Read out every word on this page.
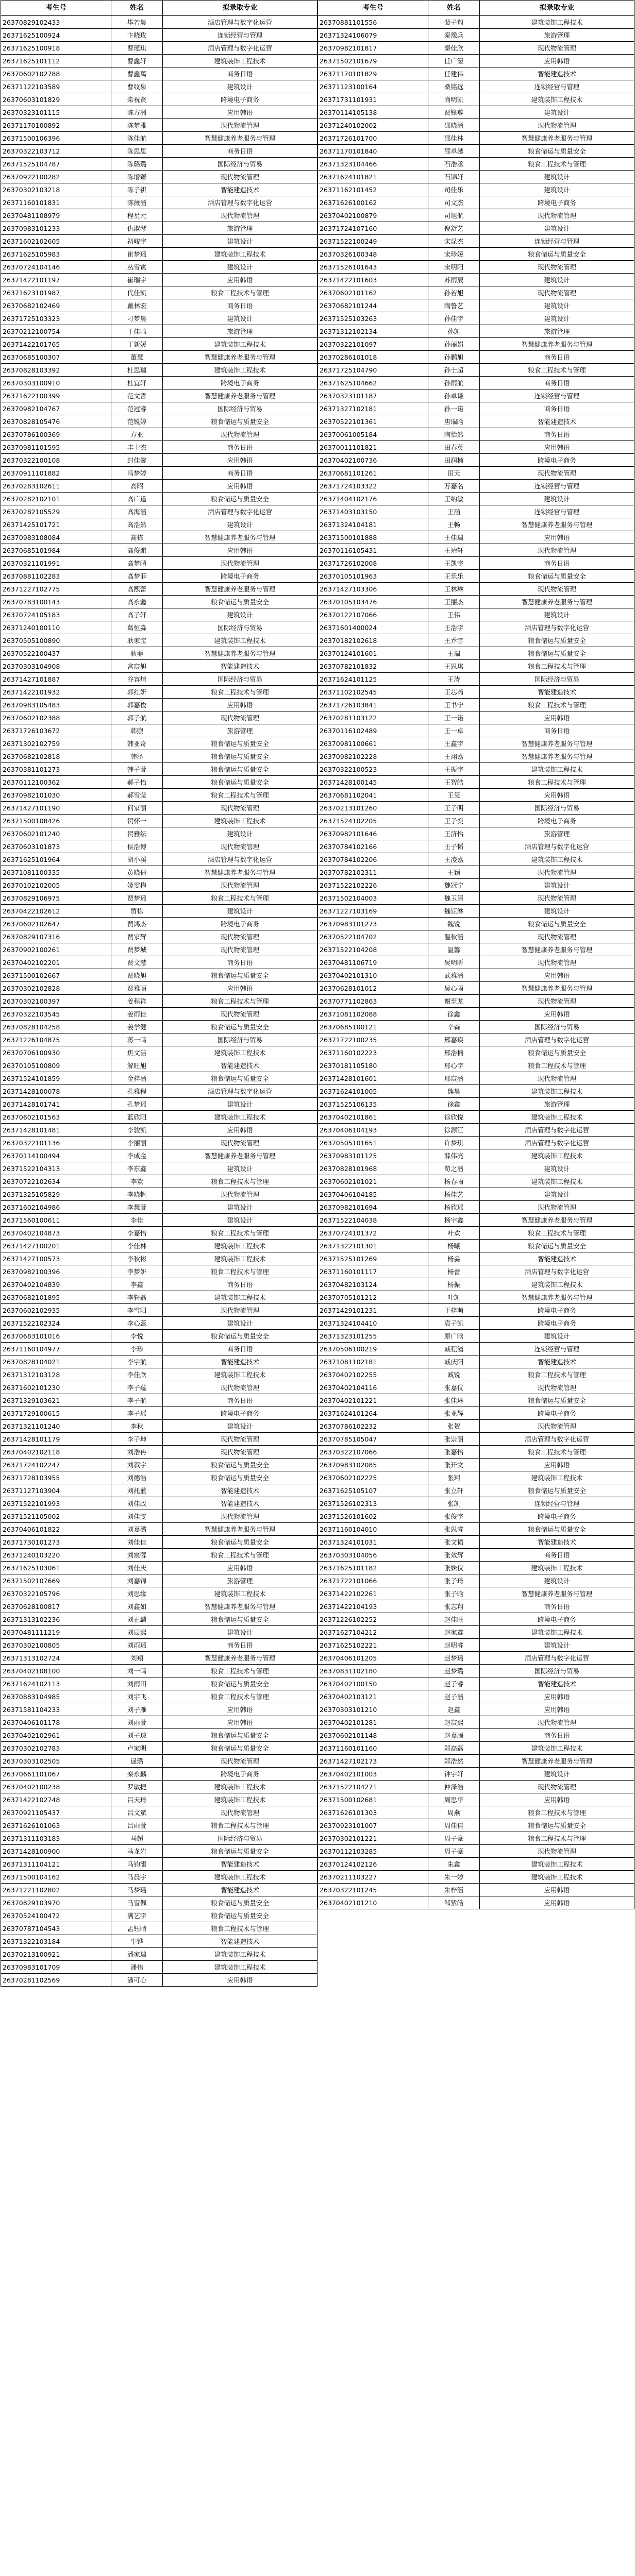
考生号	姓名	拟录取专业
26370829102433	毕若晨	酒店管理与数字化运营
26371625100924	卞晓玫	连锁经营与管理
26371625100918	曹瑾琪	酒店管理与数字化运营
26371625101112	曹鑫轩	建筑装饰工程技术
26370602102788	曹鑫萬	商务日语
26371122103589	曹纹泉	建筑设计
26370603101829	柴祝贤	跨境电子商务
26370323101115	陈方洲	应用韩语
26371170100892	陈梦雅	现代物流管理
26371500106396	陈佳航	智慧健康养老服务与管理
26370322103712	陈思思	商务日语
26371525104787	陈璐璐	国际经济与贸易
26370922100282	陈增臻	现代物流管理
26370302103218	陈子祺	智能建造技术
26371160101831	陈薇涵	酒店管理与数字化运营
26370481108979	程星元	现代物流管理
26370983101233	仇淑琴	旅游管理
26371602102605	初峻宇	建筑设计
26371625105983	崔梦瑶	建筑装饰工程技术
26370724104146	丛雪寅	建筑设计
26371422101197	崔瑞宇	应用韩语
26371623101987	代佳凯	粮食工程技术与管理
26370682102469	戴林宏	商务日语
26371725103323	刁梦晨	建筑设计
26370212100754	丁佳鸣	旅游管理
26371422101765	丁新媛	建筑装饰工程技术
26370685100307	董慧	智慧健康养老服务与管理
26370828103392	杜思瑞	建筑装饰工程技术
26370303100910	杜宜轩	跨境电子商务
26371622100399	范文哲	智慧健康养老服务与管理
26370982104767	范冠睿	国际经济与贸易
26370828105476	范锐婷	粮食储运与质量安全
26370786100369	方亚	现代物流管理
26370981101595	丰士杰	商务日语
26370322100108	封佳馨	应用韩语
26370911101882	冯梦婷	商务日语
26370283102611	高昭	应用韩语
26370282102101	高广道	粮食储运与质量安全
26370282105529	高海涵	酒店管理与数字化运营
26371425101721	高浩然	建筑设计
26370983108084	高栋	智慧健康养老服务与管理
26370685101984	高俊鹏	应用韩语
26370321101991	高梦晴	现代物流管理
26370881102283	高梦菲	跨境电子商务
26371227102775	高熙蕾	智慧健康养老服务与管理
26370783100143	高永鑫	粮食储运与质量安全
26370724105183	高子轩	建筑设计
26371240100110	葛恒淼	国际经济与贸易
26370505100890	耿家宝	建筑装饰工程技术
26370522100437	耿菲	智慧健康养老服务与管理
26370303104908	宫宸旭	智能建造技术
26371427101887	谷容煊	国际经济与贸易
26371422101932	郭红妍	粮食工程技术与管理
26370983105483	郭嘉俊	应用韩语
26370602102388	郭子航	现代物流管理
26371726103672	韩煦	旅游管理
26371302102759	韩亚奇	粮食储运与质量安全
26370682102818	韩泽	粮食储运与质量安全
26370381101273	韩子萱	粮食储运与质量安全
26370112100362	郝子怡	粮食储运与质量安全
26370982101030	郝雪莹	粮食工程技术与管理
26371427101190	何家丽	现代物流管理
26371500108426	贺怀一	建筑装饰工程技术
26370602101240	贺雅纭	建筑设计
26370603101873	侯浩博	现代物流管理
26371625101964	胡小溪	酒店管理与数字化运营
26371081100335	黄晓倩	智慧健康养老服务与管理
26370102102005	姬雯梅	现代物流管理
26370829106975	贾梦瑶	粮食工程技术与管理
26370422102612	贾栋	建筑设计
26370602102647	贾鸿杰	跨境电子商务
26370829107316	贾家辉	现代物流管理
26370902100261	贾梦城	现代物流管理
26370402102201	贾文慧	商务日语
26371500102667	贾晓旭	粮食储运与质量安全
26370302102828	贾雅丽	应用韩语
26370302100397	姜程祥	粮食工程技术与管理
26370322103545	姜雨佳	现代物流管理
26370828104258	姜学健	粮食储运与质量安全
26371226104875	蒋一鸣	国际经济与贸易
26370706100930	焦文洁	建筑装饰工程技术
26370105100809	解旺旭	智能建造技术
26371524101859	金梓涵	粮食储运与质量安全
26371428100078	孔雅程	酒店管理与数字化运营
26371428101741	孔梦瑶	建筑设计
26370602101563	蓝欣阳	建筑装饰工程技术
26371428101481	李骏凯	应用韩语
26370322101136	李丽丽	现代物流管理
26370114100494	李成金	智慧健康养老服务与管理
26371522104313	李东鑫	建筑设计
26370722102634	李欢	粮食工程技术与管理
26371325105829	李晓帆	现代物流管理
26371602104986	李慧萱	建筑设计
26371560100611	李佳	建筑设计
26370402104873	李嘉怡	粮食工程技术与管理
26371427100201	李佳林	建筑装饰工程技术
26371427100573	李秋彬	建筑装饰工程技术
26370982100396	李梦妍	粮食工程技术与管理
26370402104839	李鑫	商务日语
26370682101895	李轩磊	建筑装饰工程技术
26370602102935	李雪阳	现代物流管理
26371522102324	李心蕊	建筑设计
26370683101016	李悦	粮食储运与质量安全
26371160104977	李珍	商务日语
26370828104021	李宇航	智能建造技术
26371312103128	李佳欣	建筑装饰工程技术
26371602101230	李子蕴	现代物流管理
26371329103621	李子航	商务日语
26371729100615	李子瑶	跨境电子商务
26371321101240	李秋	建筑设计
26371428101179	李子坤	现代物流管理
26370402102118	刘浩冉	现代物流管理
26371724102247	刘叙宇	粮食储运与质量安全
26371728103955	刘德浩	粮食储运与质量安全
26371127103904	刘托蓝	智能建造技术
26371522101993	刘佳政	智能建造技术
26371521105002	刘佳雯	现代物流管理
26370406101822	刘嘉潞	智慧健康养老服务与管理
26371730101273	刘佳佳	粮食储运与质量安全
26371240103220	刘宸蓉	粮食工程技术与管理
26371625103061	刘佳庆	应用韩语
26371502107669	刘嘉锦	旅游管理
26370322105796	刘思缘	建筑装饰工程技术
26370628100817	刘鑫如	智慧健康养老服务与管理
26371313102236	刘正麟	粮食储运与质量安全
26370481111219	刘辰熙	建筑设计
26370302100805	刘雨瑶	商务日语
26371313102724	刘翔	智慧健康养老服务与管理
26370402108100	刘一鸣	粮食工程技术与管理
26371624102113	刘雨田	粮食储运与质量安全
26370883104985	刘宇飞	粮食工程技术与管理
26371581104233	刘子雁	应用韩语
26370406101178	刘雨萱	应用韩语
26370402102961	刘子琼	粮食储运与质量安全
26370302102783	卢家明	粮食储运与质量安全
26370303102505	逯璐	现代物流管理
26370661101067	栾永麟	跨境电子商务
26370402100238	罗敏捷	建筑装饰工程技术
26371422102748	吕天琦	建筑装饰工程技术
26370921105437	吕文斌	现代物流管理
26371626101063	吕雨萱	粮食工程技术与管理
26371311103183	马超	国际经济与贸易
26371428100900	马龙岩	粮食储运与质量安全
26371311104121	马钧灏	智能建造技术
26371500104162	马晨宇	建筑装饰工程技术
26371221102802	马梦瑶	智能建造技术
26370829103970	马雪佩	粮食储运与质量安全
26370524100472	满艺宇	粮食储运与质量安全
26370787104543	孟钰晴	粮食工程技术与管理
26371322103184	牛铧	智能建造技术
26370213100921	潘家瑞	建筑装饰工程技术
26370983101709	潘伟	建筑装饰工程技术
26370281102569	潘可心	应用韩语
考生号	姓名	拟录取专业
26370881101556	裴子翔	建筑装饰工程技术
26371324106079	秦豫兵	旅游管理
26370982101817	秦佳欣	现代物流管理
26371502101679	任广濠	应用韩语
26371170101829	任建伟	智能建造技术
26371123100164	桑铭远	连锁经营与管理
26371731101931	尚明凯	建筑装饰工程技术
26370114105138	贾锋尊	建筑设计
26371240102002	邵晓涵	现代物流管理
26371726101700	邵佳林	智慧健康养老服务与管理
26371170101840	邵卓越	粮食储运与质量安全
26371323104466	石浩丞	粮食工程技术与管理
26371624101821	石锦轩	建筑设计
26371162101452	司佳乐	建筑设计
26371626100162	司文杰	跨境电子商务
26370402100879	司旭航	现代物流管理
26371724107160	倪舒艺	建筑设计
26371522100249	宋昆杰	连锁经营与管理
26370326100348	宋珍媛	粮食储运与质量安全
26371526101643	宋明阳	现代物流管理
26371422101603	苏雨辰	建筑设计
26370602101162	孙若旭	现代物流管理
26370682101244	陶鲁艺	建筑设计
26371525103263	孙佳宇	建筑设计
26371312102134	孙凯	旅游管理
26370322101097	孙丽娟	智慧健康养老服务与管理
26370286101018	孙鹏旭	商务日语
26371725104790	孙士超	粮食工程技术与管理
26371625104662	孙雨航	商务日语
26370323101187	孙卓谦	连锁经营与管理
26371327102181	孙一诺	商务日语
26370522101361	唐瑞晗	智能建造技术
26370061005184	陶怡然	商务日语
26370011101821	田春英	应用韩语
26370402100736	田润楠	跨境电子商务
26370681101261	田天	现代物流管理
26371724103322	万嘉名	连锁经营与管理
26371404102176	王纳敏	建筑设计
26371403103150	王涵	连锁经营与管理
26371324104181	王畅	智慧健康养老服务与管理
26371500101888	王佳瑞	应用韩语
26370116105431	王靖轩	现代物流管理
26371726102008	王凯宇	商务日语
26370105101963	王乐乐	粮食储运与质量安全
26371427103306	王林琳	现代物流管理
26370105103476	王丽杰	智慧健康养老服务与管理
26370122107066	王伟	建筑设计
26371601400024	王浩宇	酒店管理与数字化运营
26370182102618	王乔雪	粮食储运与质量安全
26370124101601	王瑞	粮食储运与质量安全
26370782101832	王思琪	粮食工程技术与管理
26371624101125	王涛	国际经济与贸易
26371102102545	王芯芮	智能建造技术
26371726103841	王书宁	粮食工程技术与管理
26370281103122	王一诺	应用韩语
26370116102489	王一卓	商务日语
26370981100661	王鑫宇	智慧健康养老服务与管理
26370982102228	王翊嘉	智慧健康养老服务与管理
26370322100523	王振宇	建筑装饰工程技术
26371428100145	王智皓	粮食工程技术与管理
26370681102041	王玺	应用韩语
26370213101260	王子明	国际经济与贸易
26371524102205	王子奕	跨境电子商务
26370982101646	王济怡	旅游管理
26370784102166	王子韬	酒店管理与数字化运营
26370784102206	王凌嘉	建筑装饰工程技术
26370782102311	王颖	现代物流管理
26371522102226	魏冠宁	建筑设计
26371502104003	魏玉清	现代物流管理
26371227103169	魏钰淋	建筑设计
26370983101273	魏锐	粮食储运与质量安全
26370522104702	温秋涵	现代物流管理
26371522104208	温馨	智慧健康养老服务与管理
26370481106719	吴明昕	现代物流管理
26370402101310	武雅涵	应用韩语
26370628101012	吴心雨	智慧健康养老服务与管理
26370771102863	谢至龙	现代物流管理
26371081102088	徐鑫	应用韩语
26370685100121	辛森	国际经济与贸易
26371722100235	邢嘉瑛	酒店管理与数字化运营
26371160102223	邢浩楠	粮食储运与质量安全
26370181105180	邢心宇	粮食工程技术与管理
26371428101601	邢宸涵	现代物流管理
26371624101005	熊昊	建筑装饰工程技术
26371525106135	徐鑫	旅游管理
26370402101861	徐欣悦	建筑装饰工程技术
26370406104193	徐源江	酒店管理与数字化运营
26370505101651	许梦琪	酒店管理与数字化运营
26370983101125	薛伟亮	建筑装饰工程技术
26370828101968	荀之涵	建筑设计
26370602101021	杨春雨	建筑装饰工程技术
26370406104185	杨佳艺	建筑设计
26370982101694	杨欣瑶	现代物流管理
26371522104038	杨宇鑫	智慧健康养老服务与管理
26370724101372	叶欢	粮食工程技术与管理
26371322101301	杨曦	粮食储运与质量安全
26371525101269	杨淼	智能建造技术
26371160101117	杨蕾	酒店管理与数字化运营
26370482103124	杨振	建筑装饰工程技术
26370705101212	叶凯	智慧健康养老服务与管理
26371429101231	于梓萌	跨境电子商务
26371324104410	袁子凯	跨境电子商务
26371323101255	原广晗	建筑设计
26370506100219	臧程潼	连锁经营与管理
26371081102181	臧庆阳	智能建造技术
26370402102255	臧锐	粮食工程技术与管理
26370402104116	张嘉仪	现代物流管理
26370402101221	张佳琳	粮食储运与质量安全
26371624101264	张亚辉	跨境电子商务
26370786102232	张贺	现代物流管理
26370785105047	张崇丽	酒店管理与数字化运营
26370322107066	张嘉怡	粮食工程技术与管理
26370983102085	张开文	应用韩语
26370602102225	张珂	建筑装饰工程技术
26371625105107	张立轩	粮食储运与质量安全
26371526102313	张凯	连锁经营与管理
26371526101602	张俊宇	跨境电子商务
26371160104010	张思睿	粮食储运与质量安全
26371324101031	张文韬	智能建造技术
26370303104056	张效辉	商务日语
26371625101182	张姝仪	建筑装饰工程技术
26371722101066	张子琦	建筑设计
26371422102261	张子晗	智慧健康养老服务与管理
26371422104193	张志翔	商务日语
26371226102252	赵佳旺	跨境电子商务
26371627104212	赵家鑫	建筑装饰工程技术
26371625102221	赵明睿	建筑设计
26370406101205	赵梦瑶	酒店管理与数字化运营
26370831102180	赵梦璐	国际经济与贸易
26370402100150	赵子睿	智能建造技术
26370402103121	赵子涵	应用韩语
26370303101210	赵鑫	应用韩语
26370402101281	赵宸熙	现代物流管理
26370602101148	赵嘉腾	商务日语
26371160101160	郑高磊	建筑装饰工程技术
26371427102173	郑浩然	智慧健康养老服务与管理
26370402101003	钟宇轩	建筑设计
26371522104271	仲泽浩	现代物流管理
26371500102681	周思华	应用韩语
26371626101303	周燕	粮食工程技术与管理
26370923101007	周佳佳	粮食储运与质量安全
26370302101221	周子豪	粮食工程技术与管理
26370112103285	周子豪	现代物流管理
26370124102126	朱鑫	建筑装饰工程技术
26370211103227	朱一婷	建筑装饰工程技术
26370322101245	朱梓涵	应用韩语
26370402101210	邹紫皓	应用韩语
